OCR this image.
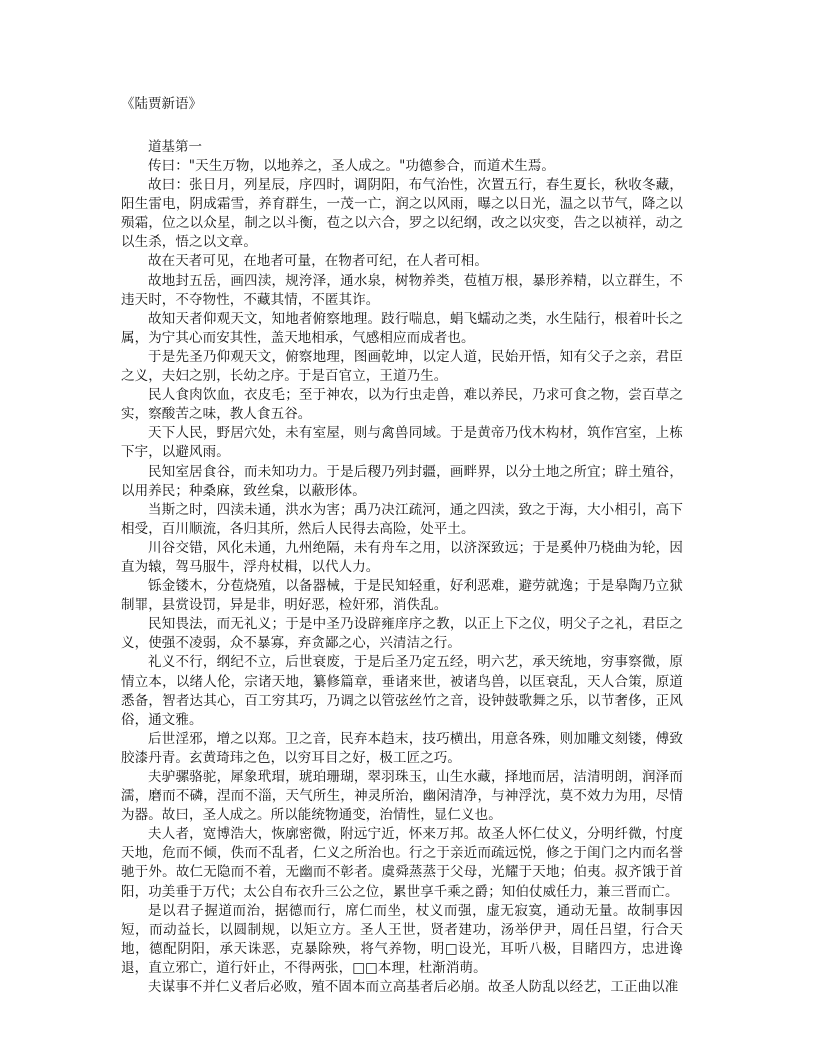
《陆贾新语》

道基第一

传曰："天生万物，以地养之，圣人成之。"功德参合，而道术生焉。

故曰：张日月，列星辰，序四时，调阴阳，布气治性，次置五行，春生夏长，秋收冬藏，阳生雷电，阴成霜雪，养育群生，一茂一亡，润之以风雨，曝之以日光，温之以节气，降之以殒霜，位之以众星，制之以斗衡，苞之以六合，罗之以纪纲，改之以灾变，告之以祯祥，动之以生杀，悟之以文章。

故在天者可见，在地者可量，在物者可纪，在人者可相。

故地封五岳，画四渎，规洿泽，通水泉，树物养类，苞植万根，暴形养精，以立群生，不违天时，不夺物性，不藏其情，不匿其诈。

故知天者仰观天文，知地者俯察地理。跂行喘息，蜎飞蠕动之类，水生陆行，根着叶长之属，为宁其心而安其性，盖天地相承，气感相应而成者也。

于是先圣乃仰观天文，俯察地理，图画乾坤，以定人道，民始开悟，知有父子之亲，君臣之义，夫妇之别，长幼之序。于是百官立，王道乃生。

民人食肉饮血，衣皮毛；至于神农，以为行虫走兽，难以养民，乃求可食之物，尝百草之实，察酸苦之味，教人食五谷。

天下人民，野居穴处，未有室屋，则与禽兽同域。于是黄帝乃伐木构材，筑作宫室，上栋下宇，以避风雨。

民知室居食谷，而未知功力。于是后稷乃列封疆，画畔界，以分土地之所宜；辟土殖谷，以用养民；种桑麻，致丝枲，以蔽形体。

当斯之时，四渎未通，洪水为害；禹乃决江疏河，通之四渎，致之于海，大小相引，高下相受，百川顺流，各归其所，然后人民得去高险，处平土。

川谷交错，风化未通，九州绝隔，未有舟车之用，以济深致远；于是奚仲乃桡曲为轮，因直为辕，驾马服牛，浮舟杖楫，以代人力。

铄金镂木，分苞烧殖，以备器械，于是民知轻重，好利恶难，避劳就逸；于是皋陶乃立狱制罪，县赏设罚，异是非，明好恶，检奸邪，消佚乱。

民知畏法，而无礼义；于是中圣乃设辟雍庠序之教，以正上下之仪，明父子之礼，君臣之义，使强不凌弱，众不暴寡，弃贪鄙之心，兴清洁之行。

礼义不行，纲纪不立，后世衰废，于是后圣乃定五经，明六艺，承天统地，穷事察微，原情立本，以绪人伦，宗诸天地，纂修篇章，垂诸来世，被诸鸟兽，以匡衰乱，天人合策，原道悉备，智者达其心，百工穷其巧，乃调之以管弦丝竹之音，设钟鼓歌舞之乐，以节奢侈，正风俗，通文雅。

后世淫邪，增之以郑。卫之音，民弃本趋末，技巧横出，用意各殊，则加雕文刻镂，傅致胶漆丹青。玄黄琦玮之色，以穷耳目之好，极工匠之巧。

夫驴骡骆驼，犀象玳瑁，琥珀珊瑚，翠羽珠玉，山生水藏，择地而居，洁清明朗，润泽而濡，磨而不磷，涅而不淄，天气所生，神灵所治，幽闲清净，与神浮沈，莫不效力为用，尽情为器。故曰，圣人成之。所以能统物通变，治情性，显仁义也。

夫人者，宽博浩大，恢廓密微，附远宁近，怀来万邦。故圣人怀仁仗义，分明纤微，忖度天地，危而不倾，佚而不乱者，仁义之所治也。行之于亲近而疏远悦，修之于闺门之内而名誉驰于外。故仁无隐而不着，无幽而不彰者。虞舜蒸蒸于父母，光耀于天地；伯夷。叔齐饿于首阳，功美垂于万代；太公自布衣升三公之位，累世享千乘之爵；知伯仗威任力，兼三晋而亡。

是以君子握道而治，据德而行，席仁而坐，杖义而强，虚无寂寞，通动无量。故制事因短，而动益长，以圆制规，以矩立方。圣人王世，贤者建功，汤举伊尹，周任吕望，行合天地，德配阴阳，承天诛恶，克暴除殃，将气养物，明□设光，耳听八极，目睹四方，忠进谗退，直立邪亡，道行奸止，不得两张，□□本理，杜渐消萌。

夫谋事不并仁义者后必败，殖不固本而立高基者后必崩。故圣人防乱以经艺，工正曲以准
